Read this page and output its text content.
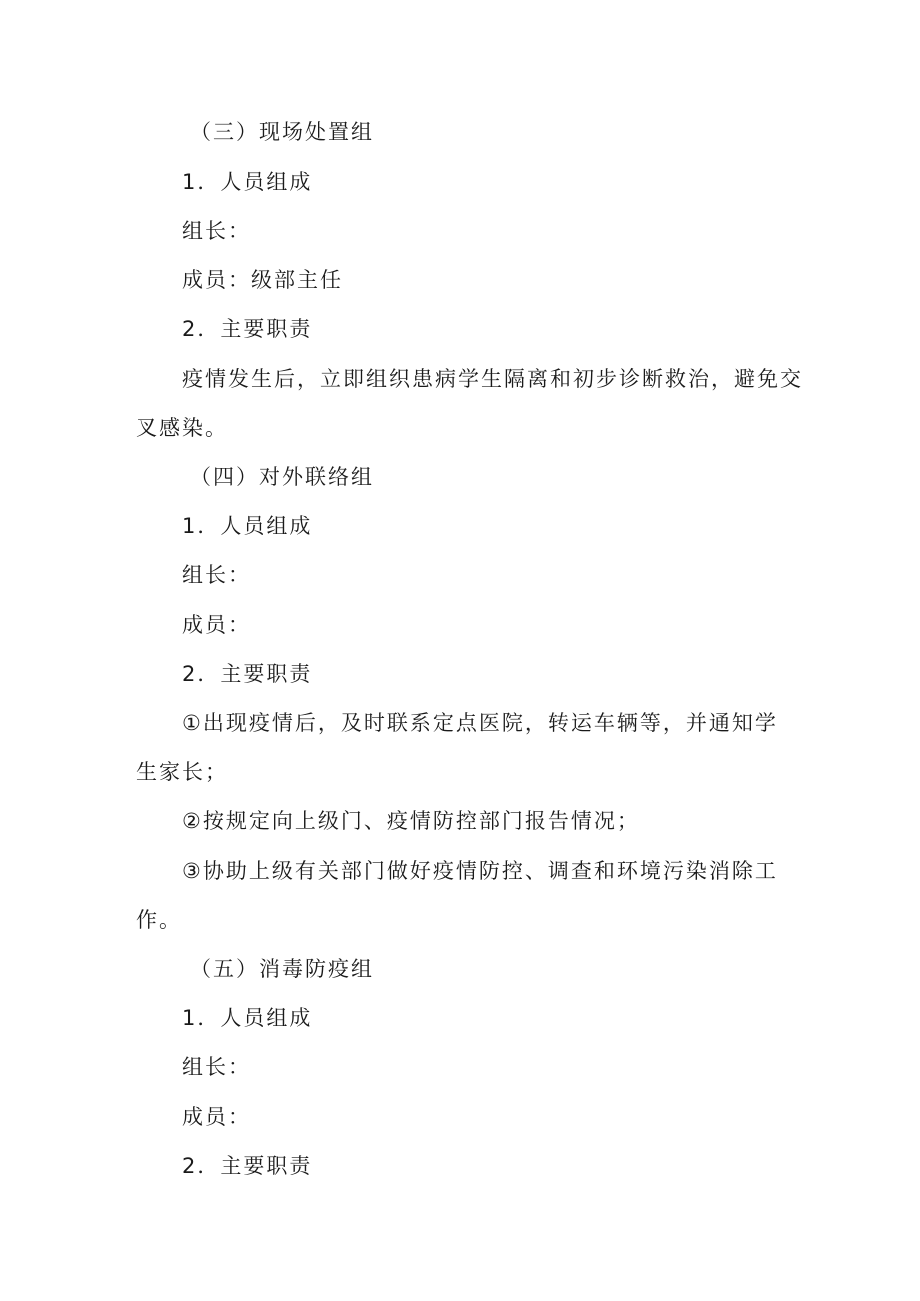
（三）现场处置组
1．人员组成
组长：
成员：级部主任
2．主要职责
疫情发生后，立即组织患病学生隔离和初步诊断救治，避免交
叉感染。
（四）对外联络组
1．人员组成
组长：
成员：
2．主要职责
①出现疫情后，及时联系定点医院，转运车辆等，并通知学
生家长；
②按规定向上级门、疫情防控部门报告情况；
③协助上级有关部门做好疫情防控、调查和环境污染消除工
作。
（五）消毒防疫组
1．人员组成
组长：
成员：
2．主要职责
